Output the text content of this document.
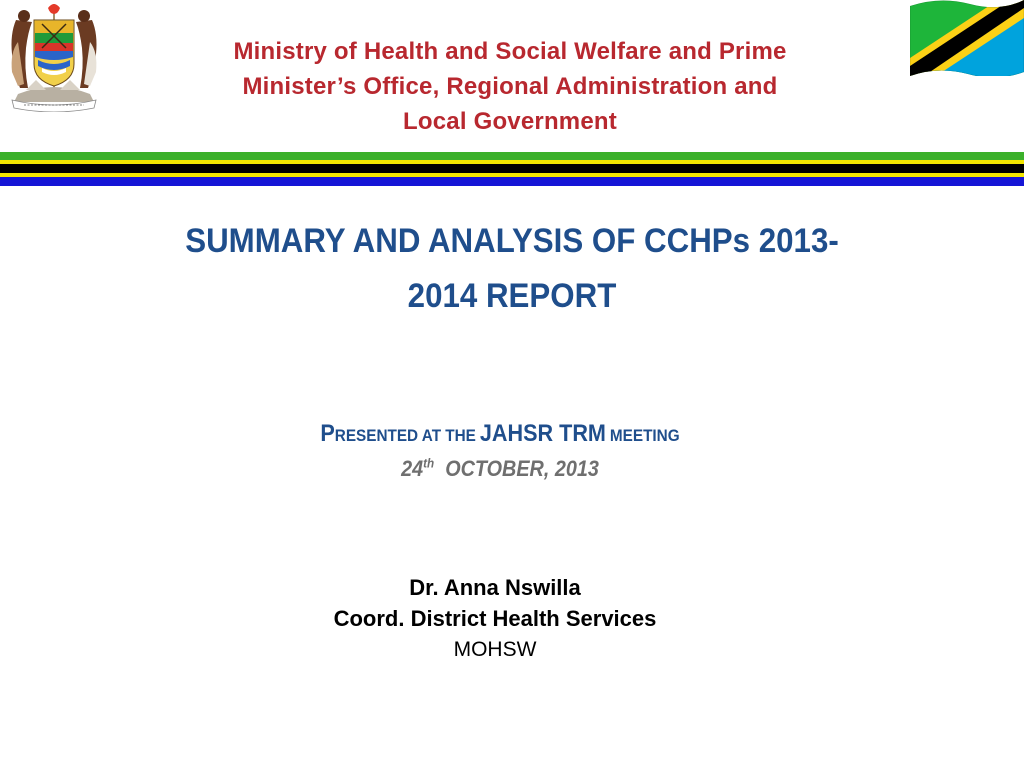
Ministry of Health and Social Welfare and Prime
Minister’s Office, Regional Administration and
Local Government
SUMMARY AND ANALYSIS OF CCHPs 2013-
2014 REPORT
PRESENTED AT THE JAHSR TRM MEETING
24th OCTOBER, 2013
Dr. Anna Nswilla
Coord. District Health Services
MOHSW
